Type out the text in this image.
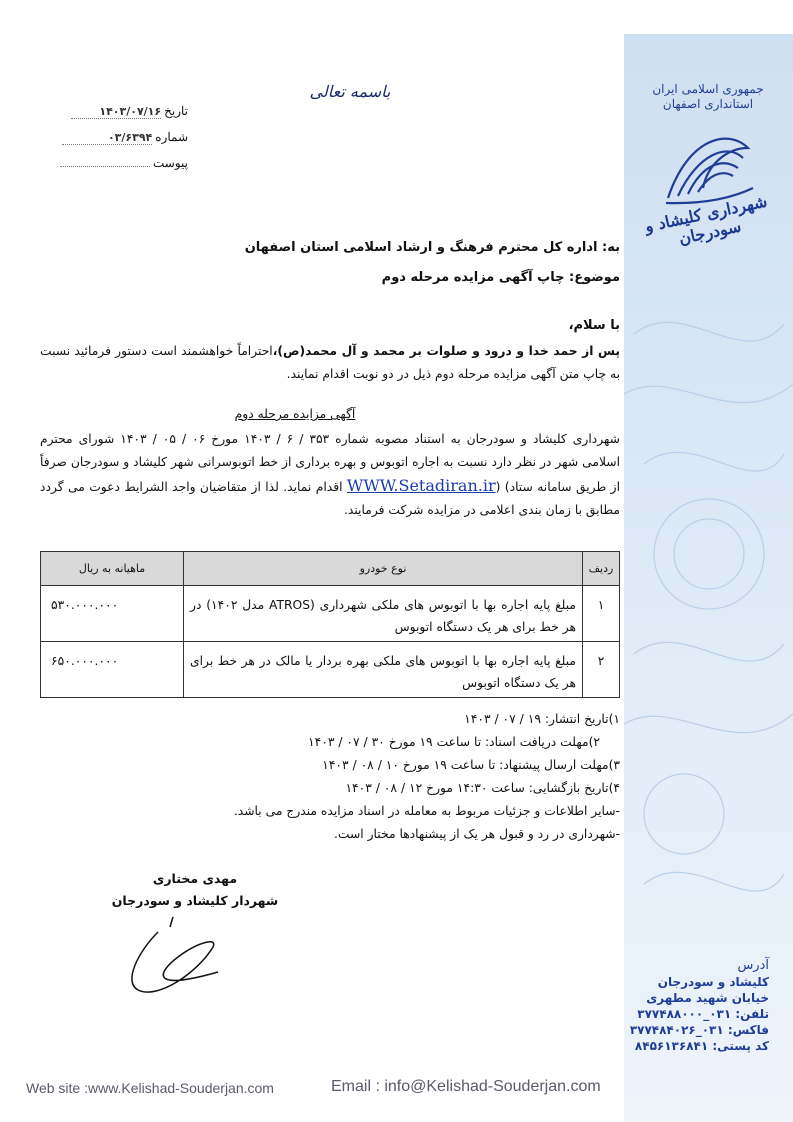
جمهوری اسلامی ایران استانداری اصفهان
شهرداری کلیشاد و سودرجان
۱۴۰۳/۰۷/۱۶ تاریخ
۰۳/۶۳۹۴ شماره
پیوست
باسمه تعالی
به: اداره کل محترم فرهنگ و ارشاد اسلامی استان اصفهان
موضوع: چاپ آگهی مزایده مرحله دوم
با سلام،
پس از حمد خدا و درود و صلوات بر محمد و آل محمد(ص)،احتراماً خواهشمند است دستور فرمائید نسبت به چاپ متن آگهی مزایده مرحله دوم ذیل در دو نوبت اقدام نمایند.
آگهی مزایده مرحله دوم
شهرداری کلیشاد و سودرجان به استناد مصوبه شماره ۳۵۳ / ۶ / ۱۴۰۳ مورخ ۰۶ / ۰۵ / ۱۴۰۳ شورای محترم اسلامی شهر در نظر دارد نسبت به اجاره اتوبوس و بهره برداری از خط اتوبوسرانی شهر کلیشاد و سودرجان صرفاً از طریق سامانه ستاد) (WWW.Setadiran.ir اقدام نماید. لذا از متقاضیان واجد الشرایط دعوت می گردد مطابق با زمان بندی اعلامی در مزایده شرکت فرمایند.
ردیف	نوع خودرو	ماهیانه به ریال
۱	مبلغ پایه اجاره بها با اتوبوس های ملکی شهرداری (ATROS مدل ۱۴۰۲) در هر خط برای هر یک دستگاه اتوبوس	۵۳۰.۰۰۰.۰۰۰
۲	مبلغ پایه اجاره بها با اتوبوس های ملکی بهره بردار یا مالک در هر خط برای هر یک دستگاه اتوبوس	۶۵۰.۰۰۰.۰۰۰
۱)تاریخ انتشار: ۱۹ / ۰۷ / ۱۴۰۳
۲)مهلت دریافت اسناد: تا ساعت ۱۹ مورخ ۳۰ / ۰۷ / ۱۴۰۳
۳)مهلت ارسال پیشنهاد: تا ساعت ۱۹ مورخ ۱۰ / ۰۸ / ۱۴۰۳
۴)تاریخ بازگشایی: ساعت ۱۴:۳۰ مورخ ۱۲ / ۰۸ / ۱۴۰۳
-سایر اطلاعات و جزئیات مربوط به معامله در اسناد مزایده مندرج می باشد.
-شهرداری در رد و قبول هر یک از پیشنهادها مختار است.
مهدی مختاری
شهردار کلیشاد و سودرجان
آدرس
کلیشاد و سودرجان
خیابان شهید مطهری
تلفن: ۰۳۱_۳۷۷۴۸۸۰۰۰
فاکس: ۰۳۱_۳۷۷۴۸۴۰۲۶
کد پستی: ۸۴۵۶۱۳۶۸۴۱
Web site :www.Kelishad-Souderjan.com	Email : info@Kelishad-Souderjan.com
